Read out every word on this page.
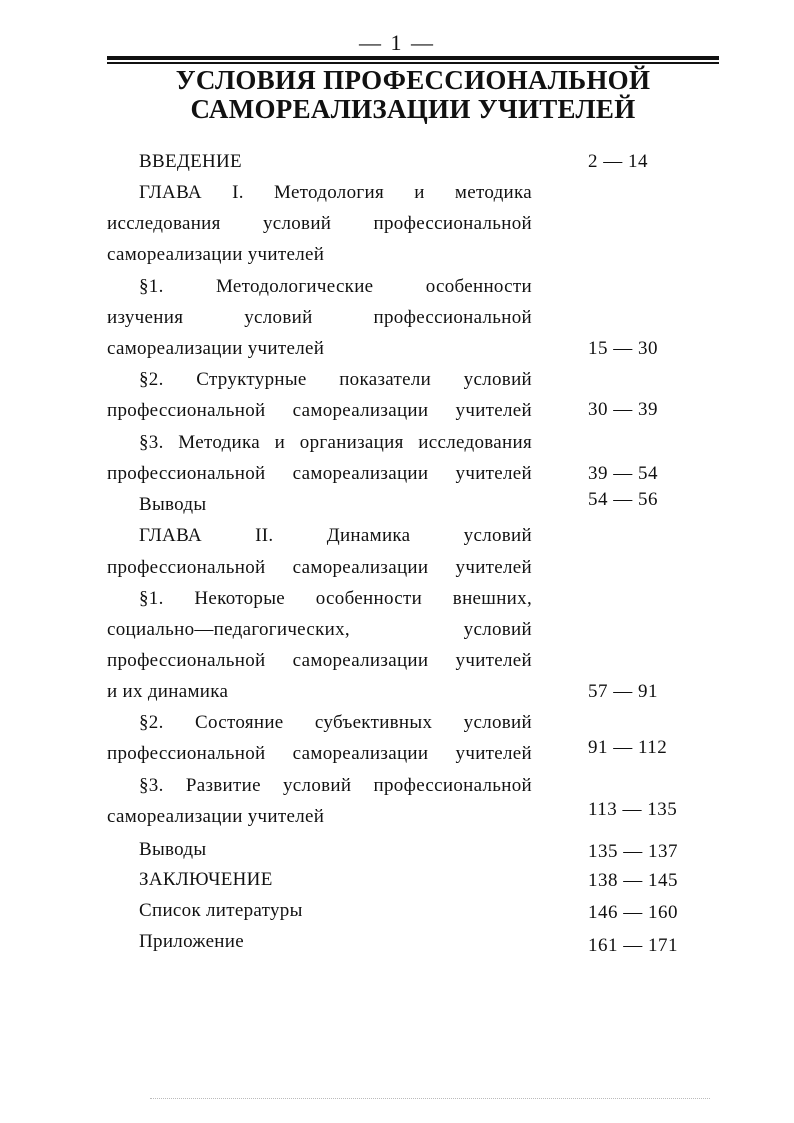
— 1 —
УСЛОВИЯ ПРОФЕССИОНАЛЬНОЙ
САМОРЕАЛИЗАЦИИ УЧИТЕЛЕЙ
ВВЕДЕНИЕ	2 — 14
ГЛАВА I. Методология и методика
исследования условий профессиональной
самореализации учителей
§1. Методологические особенности
изучения условий профессиональной
самореализации учителей	15 — 30
§2. Структурные показатели условий
профессиональной самореализации учителей	30 — 39
§3. Методика и организация исследования
профессиональной самореализации учителей	39 — 54
Выводы	54 — 56
ГЛАВА II. Динамика условий
профессиональной самореализации учителей
§1. Некоторые особенности внешних,
социально—педагогических, условий
профессиональной самореализации учителей
и их динамика	57 — 91
§2. Состояние субъективных условий
профессиональной самореализации учителей	91 — 112
§3. Развитие условий профессиональной
самореализации учителей	113 — 135
Выводы	135 — 137
ЗАКЛЮЧЕНИЕ	138 — 145
Список литературы	146 — 160
Приложение	161 — 171
